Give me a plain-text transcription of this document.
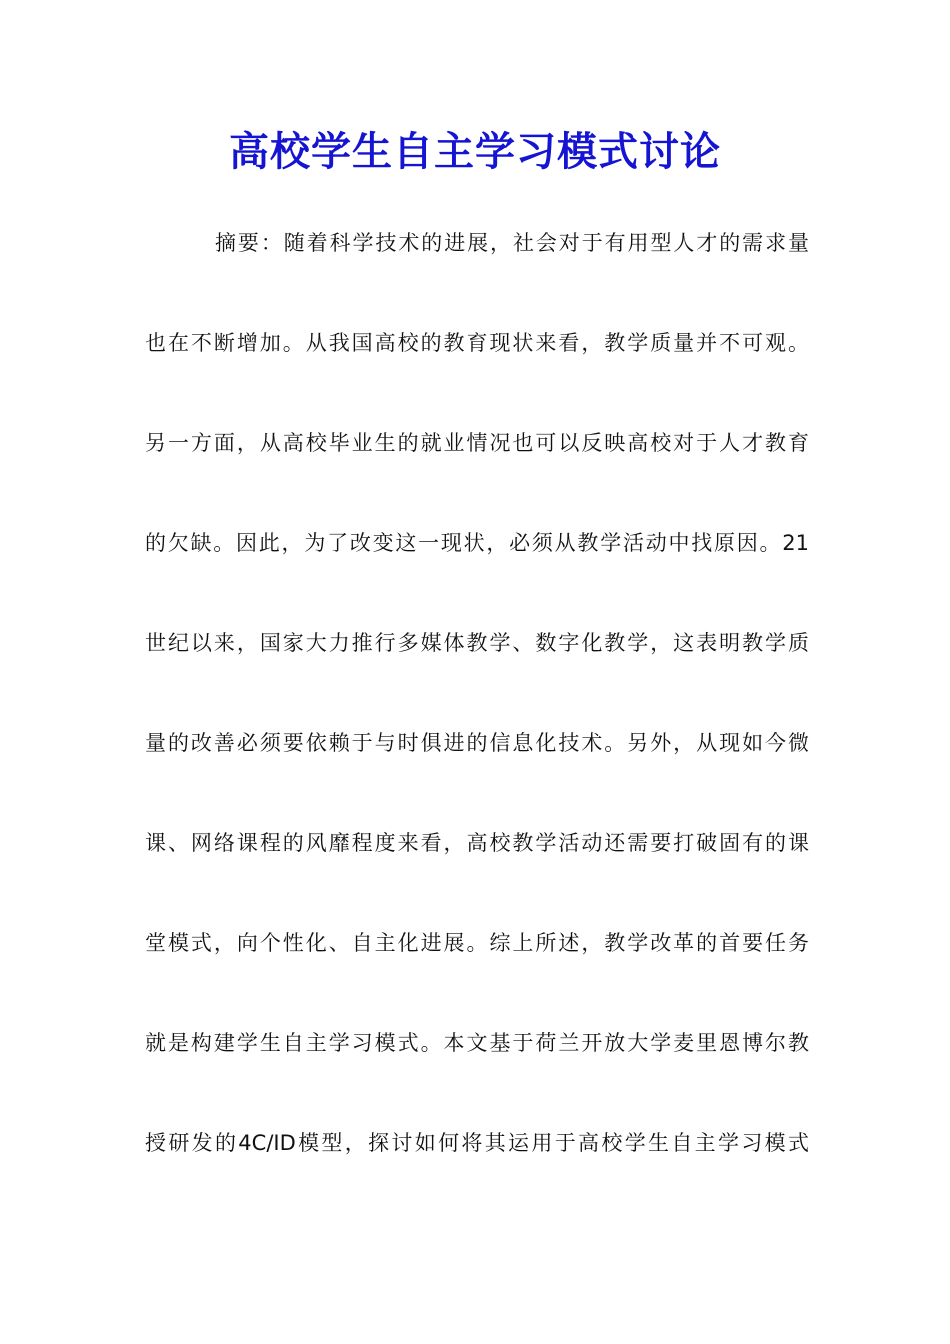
高校学生自主学习模式讨论
摘要：随着科学技术的进展，社会对于有用型人才的需求量
也在不断增加。从我国高校的教育现状来看，教学质量并不可观。
另一方面，从高校毕业生的就业情况也可以反映高校对于人才教育
的欠缺。因此，为了改变这一现状，必须从教学活动中找原因。21
世纪以来，国家大力推行多媒体教学、数字化教学，这表明教学质
量的改善必须要依赖于与时俱进的信息化技术。另外，从现如今微
课、网络课程的风靡程度来看，高校教学活动还需要打破固有的课
堂模式，向个性化、自主化进展。综上所述，教学改革的首要任务
就是构建学生自主学习模式。本文基于荷兰开放大学麦里恩博尔教
授研发的4C/ID模型，探讨如何将其运用于高校学生自主学习模式
